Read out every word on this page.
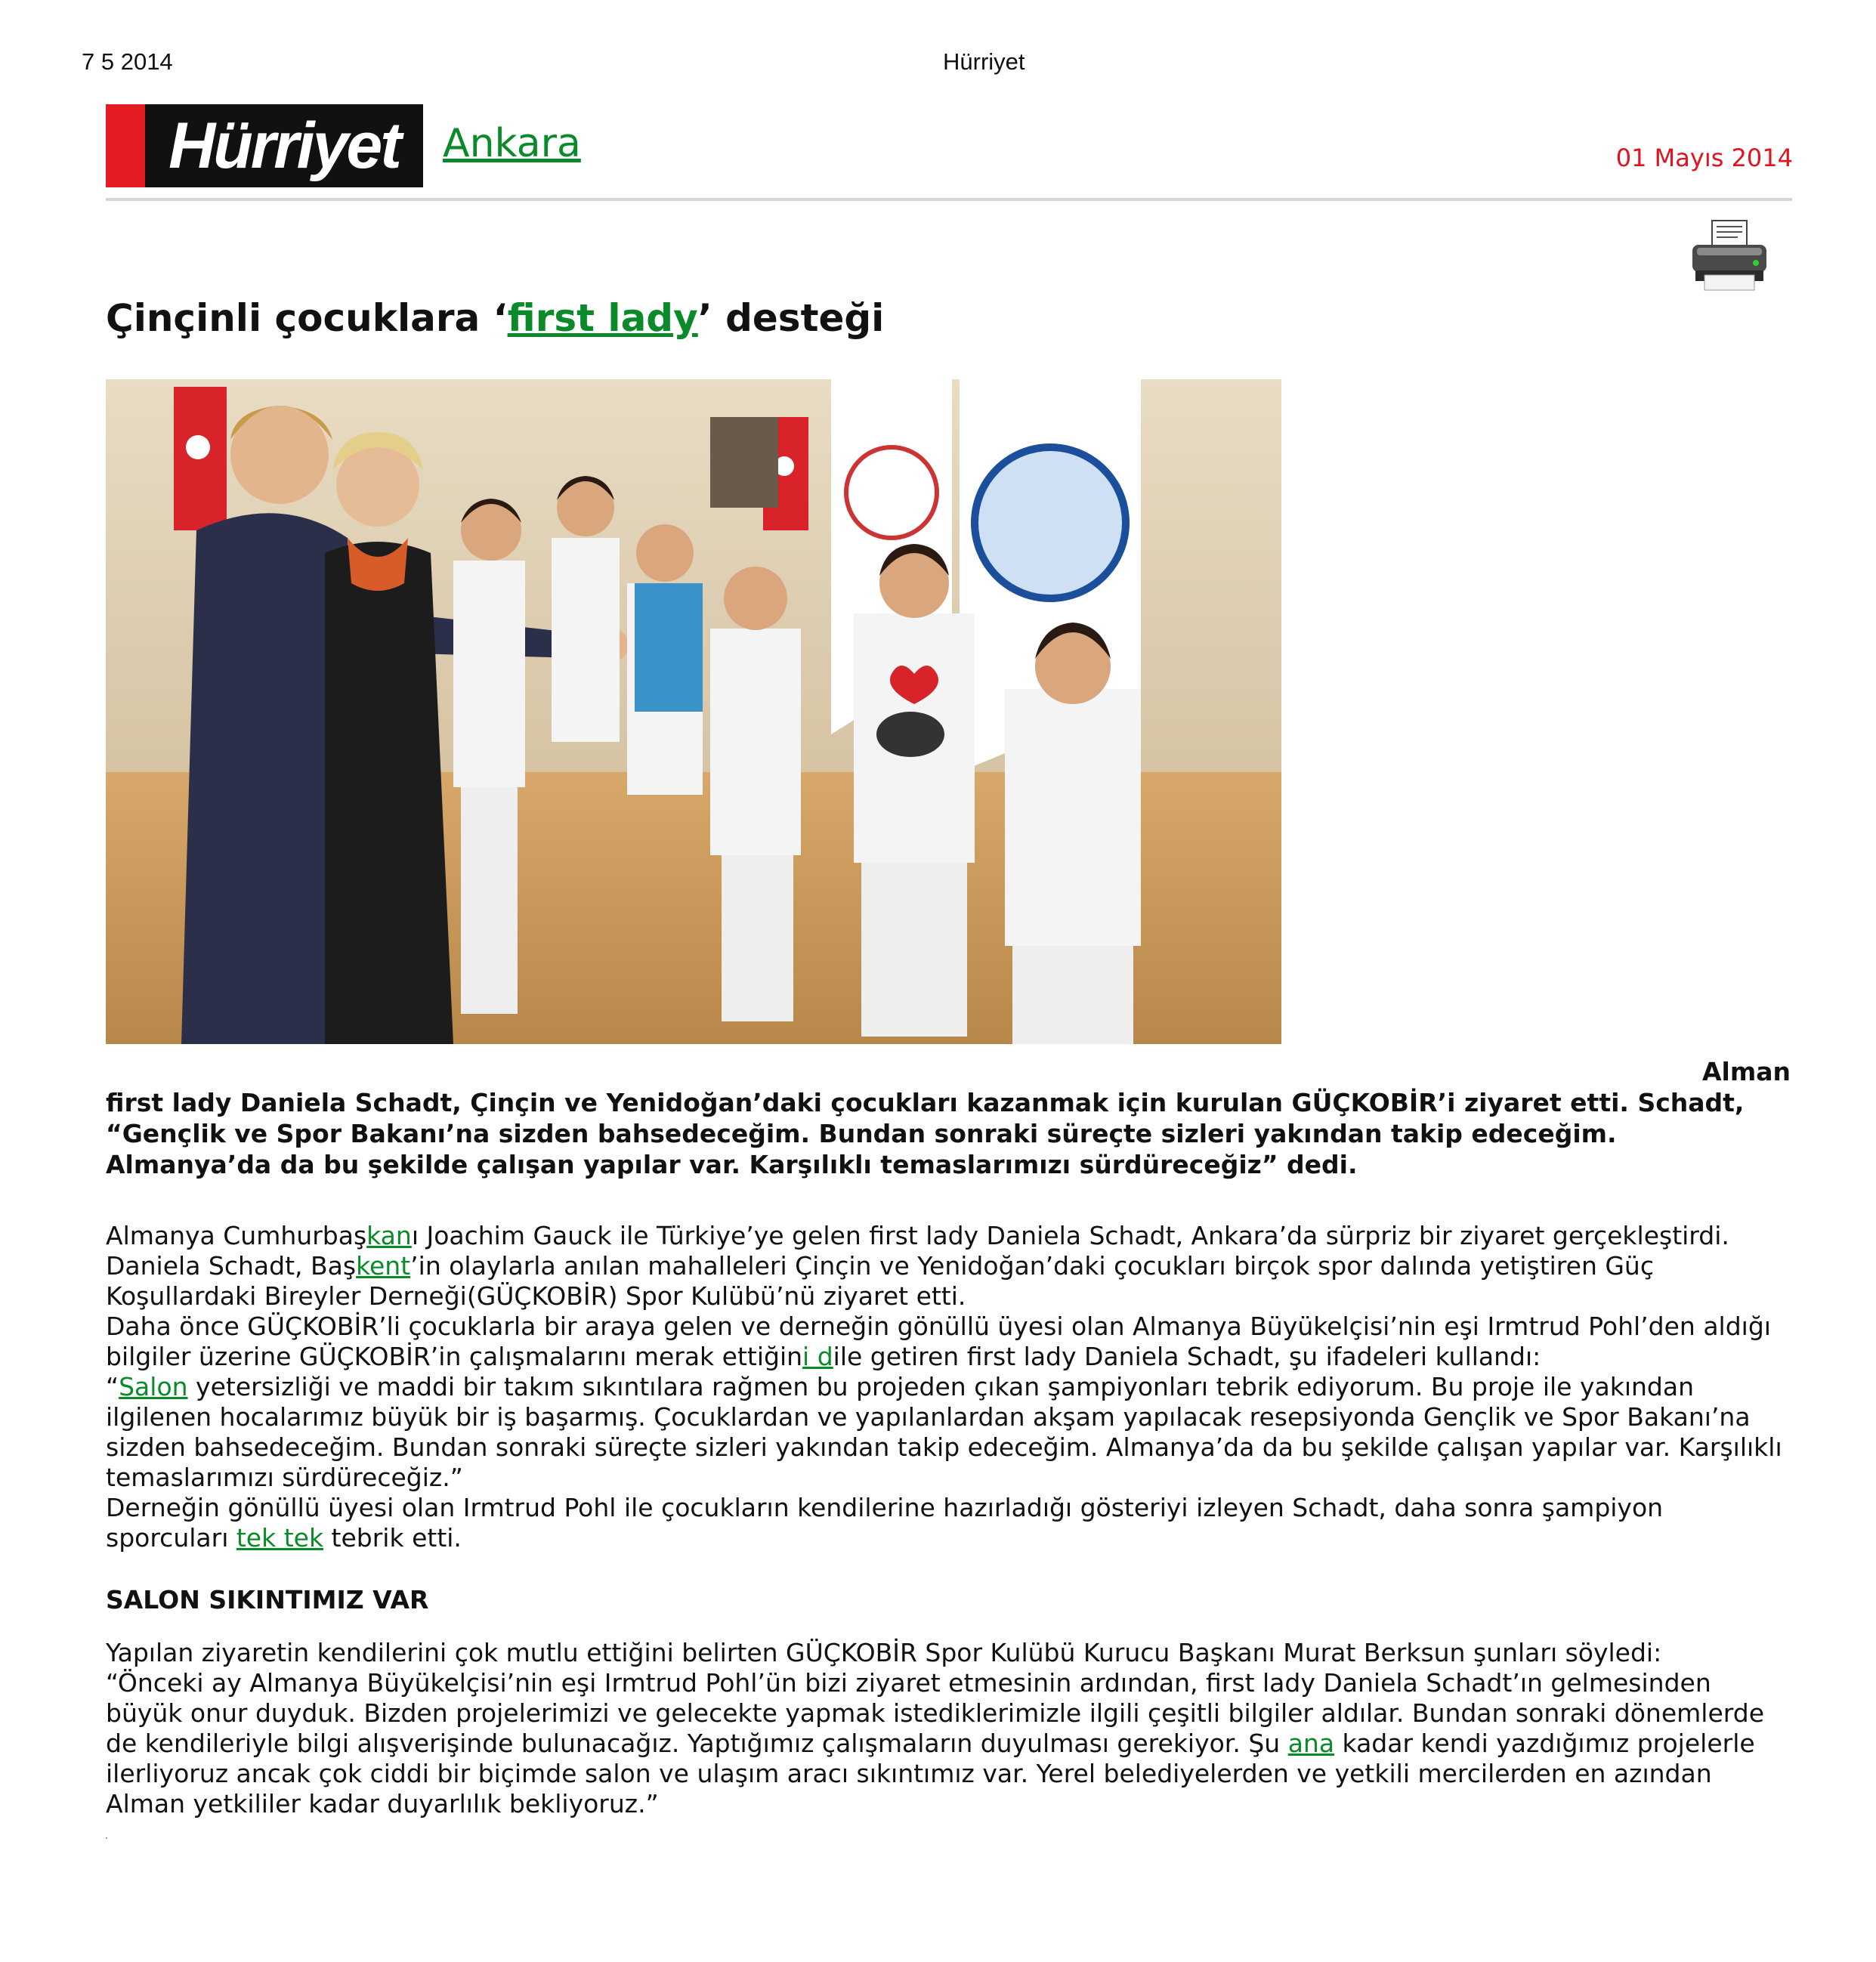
7 5 2014	Hürriyet
Hürriyet Ankara	01 Mayıs 2014
Çinçinli çocuklara ‘first lady’ desteği
Alman
first lady Daniela Schadt, Çinçin ve Yenidoğan’daki çocukları kazanmak için kurulan GÜÇKOBİR’i ziyaret etti. Schadt, “Gençlik ve Spor Bakanı’na sizden bahsedeceğim. Bundan sonraki süreçte sizleri yakından takip edeceğim. Almanya’da da bu şekilde çalışan yapılar var. Karşılıklı temaslarımızı sürdüreceğiz” dedi.

Almanya Cumhurbaşkanı Joachim Gauck ile Türkiye’ye gelen first lady Daniela Schadt, Ankara’da sürpriz bir ziyaret gerçekleştirdi. Daniela Schadt, Başkent’in olaylarla anılan mahalleleri Çinçin ve Yenidoğan’daki çocukları birçok spor dalında yetiştiren Güç Koşullardaki Bireyler Derneği(GÜÇKOBİR) Spor Kulübü’nü ziyaret etti.

Daha önce GÜÇKOBİR’li çocuklarla bir araya gelen ve derneğin gönüllü üyesi olan Almanya Büyükelçisi’nin eşi Irmtrud Pohl’den aldığı bilgiler üzerine GÜÇKOBİR’in çalışmalarını merak ettiğini dile getiren first lady Daniela Schadt, şu ifadeleri kullandı:

“Salon yetersizliği ve maddi bir takım sıkıntılara rağmen bu projeden çıkan şampiyonları tebrik ediyorum. Bu proje ile yakından ilgilenen hocalarımız büyük bir iş başarmış. Çocuklardan ve yapılanlardan akşam yapılacak resepsiyonda Gençlik ve Spor Bakanı’na sizden bahsedeceğim. Bundan sonraki süreçte sizleri yakından takip edeceğim. Almanya’da da bu şekilde çalışan yapılar var. Karşılıklı temaslarımızı sürdüreceğiz.”

Derneğin gönüllü üyesi olan Irmtrud Pohl ile çocukların kendilerine hazırladığı gösteriyi izleyen Schadt, daha sonra şampiyon sporcuları tek tek tebrik etti.

SALON SIKINTIMIZ VAR

Yapılan ziyaretin kendilerini çok mutlu ettiğini belirten GÜÇKOBİR Spor Kulübü Kurucu Başkanı Murat Berksun şunları söyledi:

“Önceki ay Almanya Büyükelçisi’nin eşi Irmtrud Pohl’ün bizi ziyaret etmesinin ardından, first lady Daniela Schadt’ın gelmesinden büyük onur duyduk. Bizden projelerimizi ve gelecekte yapmak istediklerimizle ilgili çeşitli bilgiler aldılar. Bundan sonraki dönemlerde de kendileriyle bilgi alışverişinde bulunacağız. Yaptığımız çalışmaların duyulması gerekiyor. Şu ana kadar kendi yazdığımız projelerle ilerliyoruz ancak çok ciddi bir biçimde salon ve ulaşım aracı sıkıntımız var. Yerel belediyelerden ve yetkili mercilerden en azından Alman yetkililer kadar duyarlılık bekliyoruz.”
